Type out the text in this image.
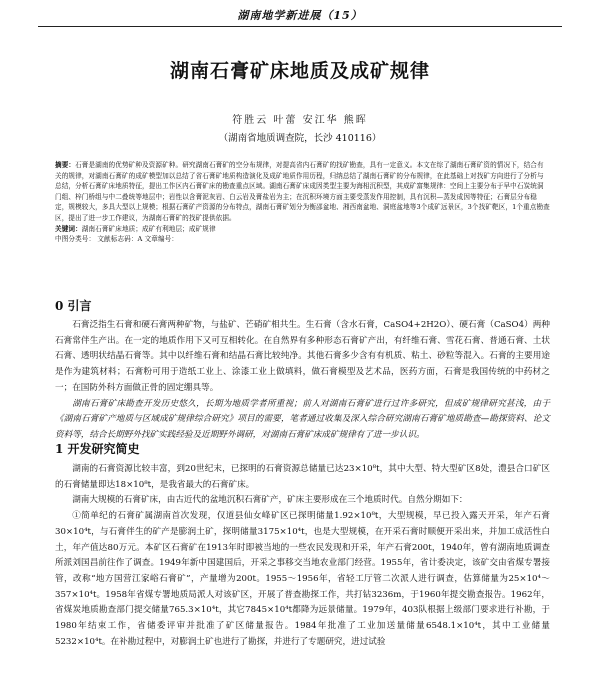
湖南地学新进展（15）
湖南石膏矿床地质及成矿规律
符胜云 叶蕾 安江华 熊晖
（湖南省地质调查院，长沙 410116）

摘要：石膏是湖南的优势矿种及资源矿种。研究湖南石膏矿的空分布规律，对提高省内石膏矿的找矿勘查，具有一定意义。本文在综了湖南石膏矿资的情况下，结合有关的规律，对湖南石膏矿的成矿模型加以总结了省石膏矿地质构造演化及成矿地质作用历程，归纳总结了湖南石膏矿的分布规律，在此基础上对找矿方向进行了分析与总结，分析石膏矿床地质特征，提出工作区内石膏矿床的勘查重点区域。湖南石膏矿床成因类型主要为海相沉积型，其成矿富集规律：空间上主要分布于早中石炭统洞门组、梓门桥组与中二叠统等地层中；岩性以含膏泥灰岩、白云岩及膏盐岩为主；在沉积环境方面主要受蒸发作用控制，具有沉积—蒸发成因等特征；石膏层分布稳定，规模较大，多具大型以上规模；根据石膏矿产资源的分布特点，湖南石膏矿划分为衡邵盆地、湘西南盆地、洞庭盆地等3个成矿远景区，3个找矿靶区，1个重点勘查区，提出了进一步工作建议，为湖南石膏矿的找矿提供依据。

关键词：湖南石膏矿床地质；成矿有利地层；成矿规律

中图分类号： 文献标志码：A 文章编号：

0 引言

石膏泛指生石膏和硬石膏两种矿物，与盐矿、芒硝矿相共生。生石膏（含水石膏，CaSO4+2H2O）、硬石膏（CaSO4）两种石膏常伴生产出。在一定的地质作用下又可互相转化。在自然界有多种形态石膏矿产出，有纤维石膏、雪花石膏、普通石膏、土状石膏、透明状结晶石膏等。其中以纤维石膏和结晶石膏比较纯净。其他石膏多少含有有机质、粘土、砂粒等混入。石膏的主要用途是作为建筑材料；石膏粉可用于造纸工业上、涂漆工业上做填料，做石膏模型及艺术品，医药方面，石膏是我国传统的中药材之一；在国防外科方面做正骨的固定绷具等。

湖南石膏矿床勘查开发历史悠久，长期为地质学者所重视；前人对湖南石膏矿进行过许多研究，但成矿规律研究甚浅，由于《湖南石膏矿产地质与区域成矿规律综合研究》项目的需要，笔者通过收集及深入综合研究湖南石膏矿地质勘查—勘探资料、论文资料等，结合长期野外找矿实践经验及近期野外调研，对湖南石膏矿床成矿规律有了进一步认识。

1 开发研究简史

湖南的石膏资源比较丰富，到20世纪末，已探明的石膏资源总储量已达23×10⁸t，其中大型、特大型矿区8处，澧县合口矿区的石膏储量即达18×10⁸t，是我省最大的石膏矿床。

湖南大规模的石膏矿床，由古近代的盆地沉积石膏矿产，矿床主要形成在三个地质时代。自然分期如下：

①简单纪的石膏矿属湖南首次发现，仅道县仙女峰矿区已探明储量1.92×10⁸t，大型规模，早已投入露天开采，年产石膏30×10⁴t，与石膏伴生的矿产是膨润土矿，探明储量3175×10⁴t，也是大型规模，在开采石膏时顺便开采出来，并加工成活性白土，年产值达80万元。本矿区石膏矿在1913年时即被当地的一些农民发现和开采，年产石膏200t，1940年，曾有湖南地质调查所派刘国昌前往作了调查。1949年新中国建国后，开采之事移交当地农业部门经营。1955年，省计委决定，该矿交由省煤专署接管，改称“地方国营江家峪石膏矿”，产量增为200t。1955～1956年，省轻工厅管二次派人进行调查，估算储量为25×10⁴～357×10⁴t。1958年省煤专署地质局派人对该矿区，开展了普查勘探工作，共打钻3236m，于1960年提交勘查报告。1962年，省煤炭地质勘查部门提交储量765.3×10⁴t，其它7845×10⁴t都降为远景储量。1979年，403队根据上级部门要求进行补勘，于1980年结束工作，省储委评审并批准了矿区储量报告。1984年批准了工业加送量储量6548.1×10⁴t，其中工业储量5232×10⁴t。在补勘过程中，对膨润土矿也进行了勘探，并进行了专题研究，进过试验
